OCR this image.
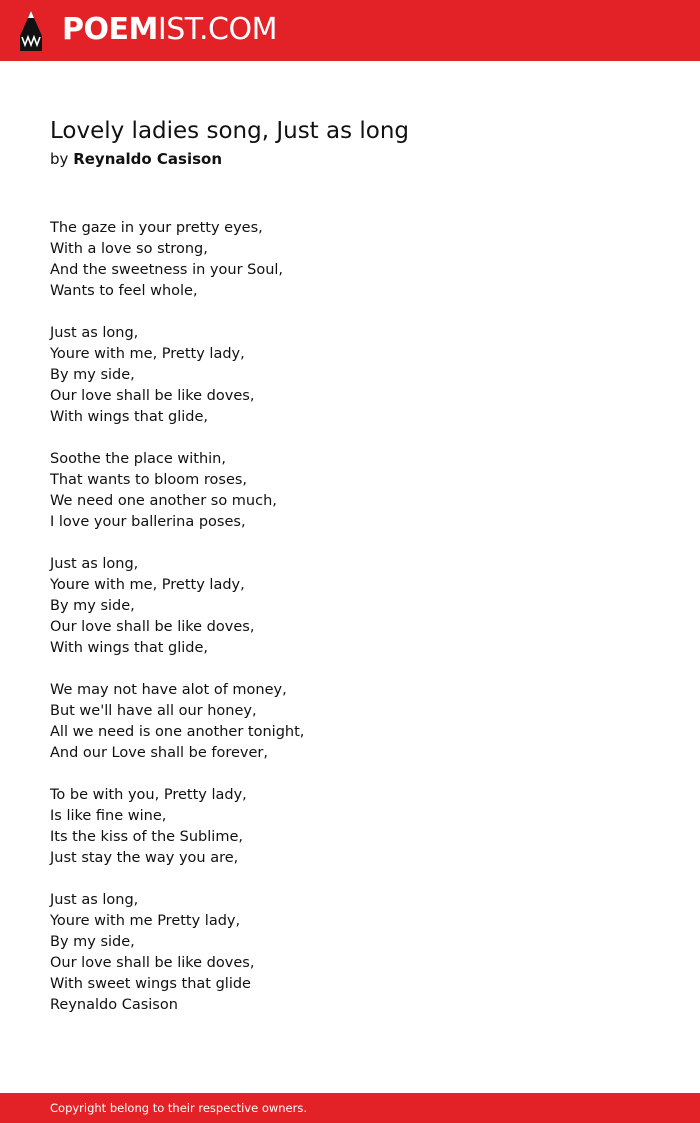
POEMIST.COM
Lovely ladies song, Just as long
by Reynaldo Casison
The gaze in your pretty eyes,
With a love so strong,
And the sweetness in your Soul,
Wants to feel whole,
Just as long,
Youre with me, Pretty lady,
By my side,
Our love shall be like doves,
With wings that glide,
Soothe the place within,
That wants to bloom roses,
We need one another so much,
I love your ballerina poses,
Just as long,
Youre with me, Pretty lady,
By my side,
Our love shall be like doves,
With wings that glide,
We may not have alot of money,
But we'll have all our honey,
All we need is one another tonight,
And our Love shall be forever,
To be with you, Pretty lady,
Is like fine wine,
Its the kiss of the Sublime,
Just stay the way you are,
Just as long,
Youre with me Pretty lady,
By my side,
Our love shall be like doves,
With sweet wings that glide
Reynaldo Casison
Copyright belong to their respective owners.
